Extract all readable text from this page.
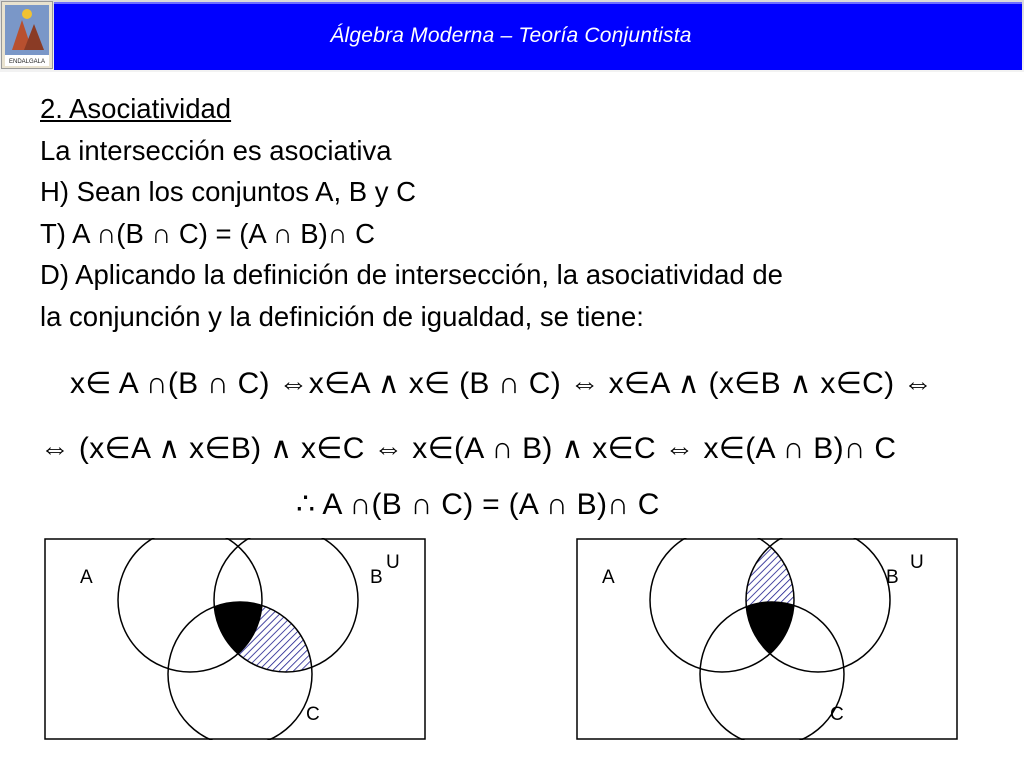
ENDALGALA
Álgebra Moderna – Teoría Conjuntista
2. Asociatividad
La intersección es asociativa
H) Sean los conjuntos A, B y C
T) A ∩(B ∩ C) = (A ∩ B)∩ C
D) Aplicando la definición de intersección, la asociatividad de
la conjunción y la definición de igualdad, se tiene:
x∈ A ∩(B ∩ C) ⇔x∈A ∧ x∈ (B ∩ C) ⇔ x∈A ∧ (x∈B ∧ x∈C) ⇔
⇔ (x∈A ∧ x∈B) ∧ x∈C ⇔ x∈(A ∩ B) ∧ x∈C ⇔ x∈(A ∩ B)∩ C
∴ A ∩(B ∩ C) = (A ∩ B)∩ C
A	B
U
C
A	B
U
C
